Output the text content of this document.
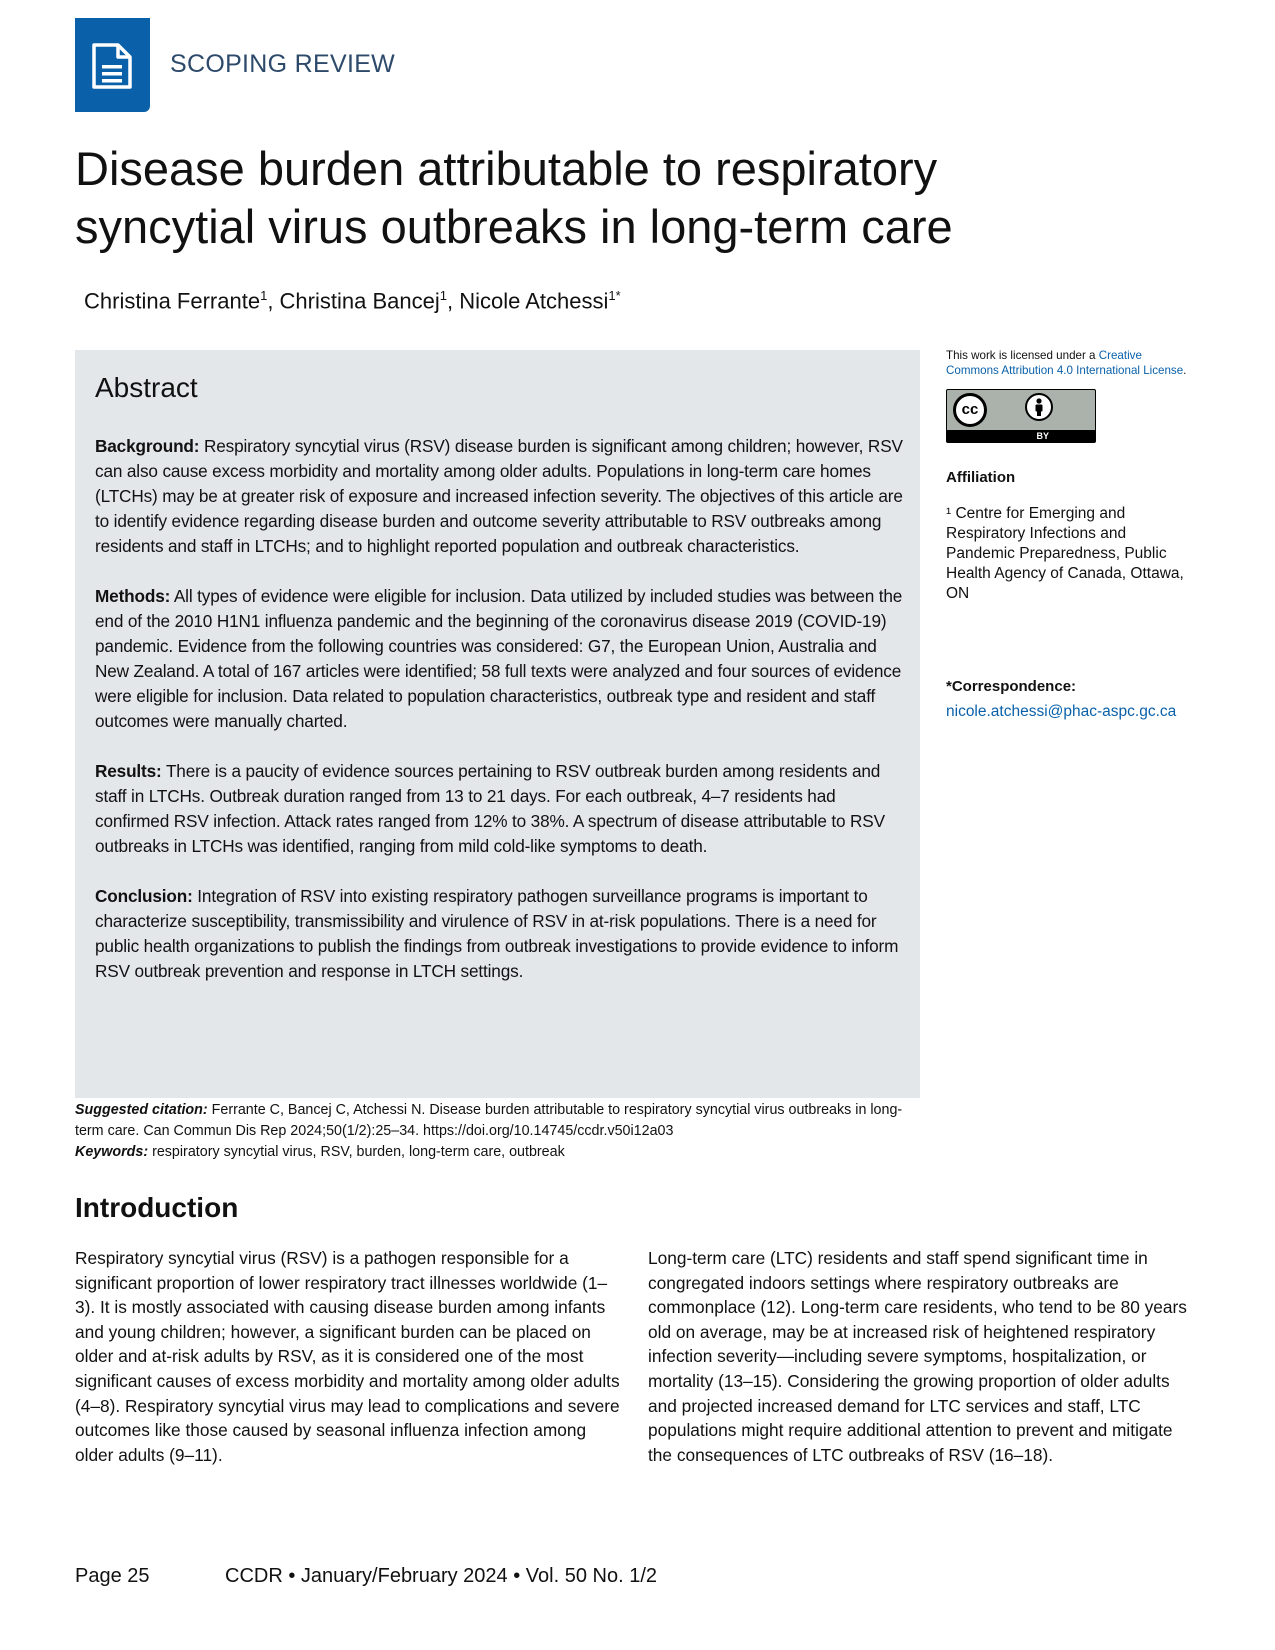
SCOPING REVIEW
Disease burden attributable to respiratory syncytial virus outbreaks in long-term care
Christina Ferrante$^1$, Christina Bancej$^1$, Nicole Atchessi$^{1*}$
Abstract

Background: Respiratory syncytial virus (RSV) disease burden is significant among children; however, RSV can also cause excess morbidity and mortality among older adults. Populations in long-term care homes (LTCHs) may be at greater risk of exposure and increased infection severity. The objectives of this article are to identify evidence regarding disease burden and outcome severity attributable to RSV outbreaks among residents and staff in LTCHs; and to highlight reported population and outbreak characteristics.

Methods: All types of evidence were eligible for inclusion. Data utilized by included studies was between the end of the 2010 H1N1 influenza pandemic and the beginning of the coronavirus disease 2019 (COVID-19) pandemic. Evidence from the following countries was considered: G7, the European Union, Australia and New Zealand. A total of 167 articles were identified; 58 full texts were analyzed and four sources of evidence were eligible for inclusion. Data related to population characteristics, outbreak type and resident and staff outcomes were manually charted.

Results: There is a paucity of evidence sources pertaining to RSV outbreak burden among residents and staff in LTCHs. Outbreak duration ranged from 13 to 21 days. For each outbreak, 4–7 residents had confirmed RSV infection. Attack rates ranged from 12% to 38%. A spectrum of disease attributable to RSV outbreaks in LTCHs was identified, ranging from mild cold-like symptoms to death.

Conclusion: Integration of RSV into existing respiratory pathogen surveillance programs is important to characterize susceptibility, transmissibility and virulence of RSV in at-risk populations. There is a need for public health organizations to publish the findings from outbreak investigations to provide evidence to inform RSV outbreak prevention and response in LTCH settings.

Suggested citation: Ferrante C, Bancej C, Atchessi N. Disease burden attributable to respiratory syncytial virus outbreaks in long-term care. Can Commun Dis Rep 2024;50(1/2):25–34. https://doi.org/10.14745/ccdr.v50i12a03

Keywords: respiratory syncytial virus, RSV, burden, long-term care, outbreak

This work is licensed under a Creative Commons Attribution 4.0 International License.
cc
BY
Affiliation
¹ Centre for Emerging and Respiratory Infections and Pandemic Preparedness, Public Health Agency of Canada, Ottawa, ON
*Correspondence:
nicole.atchessi@phac-aspc.gc.ca
Introduction

Respiratory syncytial virus (RSV) is a pathogen responsible for a significant proportion of lower respiratory tract illnesses worldwide (1–3). It is mostly associated with causing disease burden among infants and young children; however, a significant burden can be placed on older and at-risk adults by RSV, as it is considered one of the most significant causes of excess morbidity and mortality among older adults (4–8). Respiratory syncytial virus may lead to complications and severe outcomes like those caused by seasonal influenza infection among older adults (9–11).

Long-term care (LTC) residents and staff spend significant time in congregated indoors settings where respiratory outbreaks are commonplace (12). Long-term care residents, who tend to be 80 years old on average, may be at increased risk of heightened respiratory infection severity—including severe symptoms, hospitalization, or mortality (13–15). Considering the growing proportion of older adults and projected increased demand for LTC services and staff, LTC populations might require additional attention to prevent and mitigate the consequences of LTC outbreaks of RSV (16–18).

Page 25	CCDR • January/February 2024 • Vol. 50 No. 1/2
